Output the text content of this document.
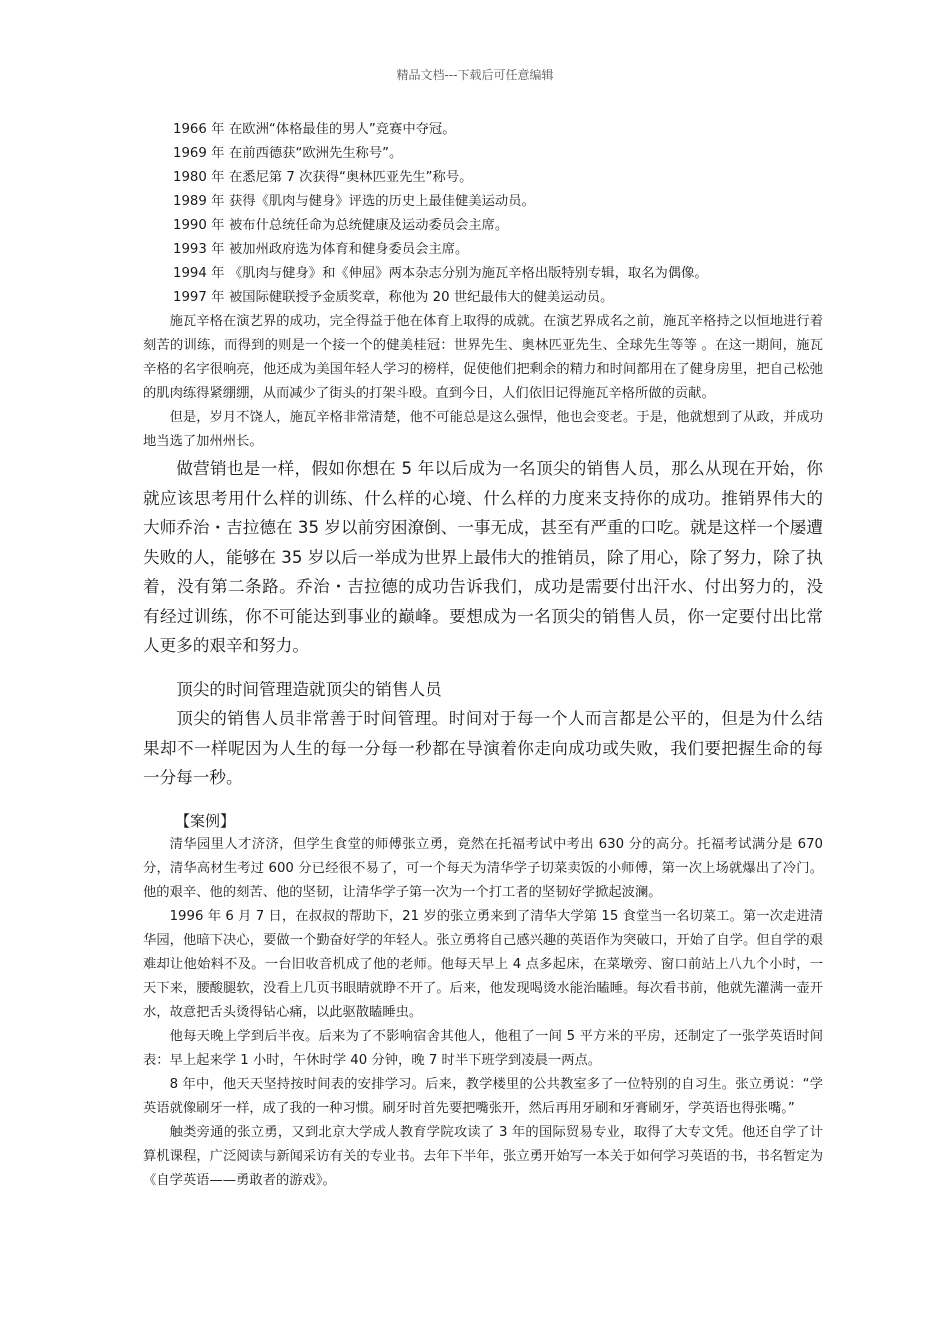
精品文档---下载后可任意编辑

1966 年 在欧洲“体格最佳的男人”竞赛中夺冠。

1969 年 在前西德获“欧洲先生称号”。

1980 年 在悉尼第 7 次获得“奥林匹亚先生”称号。

1989 年 获得《肌肉与健身》评选的历史上最佳健美运动员。

1990 年 被布什总统任命为总统健康及运动委员会主席。

1993 年 被加州政府选为体育和健身委员会主席。

1994 年 《肌肉与健身》和《伸屈》两本杂志分别为施瓦辛格出版特别专辑，取名为偶像。

1997 年 被国际健联授予金质奖章，称他为 20 世纪最伟大的健美运动员。

施瓦辛格在演艺界的成功，完全得益于他在体育上取得的成就。在演艺界成名之前，施瓦辛格持之以恒地进行着刻苦的训练，而得到的则是一个接一个的健美桂冠：世界先生、奥林匹亚先生、全球先生等等 。在这一期间，施瓦辛格的名字很响亮，他还成为美国年轻人学习的榜样，促使他们把剩余的精力和时间都用在了健身房里，把自己松弛的肌肉练得紧绷绷，从而减少了街头的打架斗殴。直到今日，人们依旧记得施瓦辛格所做的贡献。

但是，岁月不饶人，施瓦辛格非常清楚，他不可能总是这么强悍，他也会变老。于是，他就想到了从政，并成功地当选了加州州长。

做营销也是一样，假如你想在 5 年以后成为一名顶尖的销售人员，那么从现在开始，你就应该思考用什么样的训练、什么样的心境、什么样的力度来支持你的成功。推销界伟大的大师乔治・吉拉德在 35 岁以前穷困潦倒、一事无成，甚至有严重的口吃。就是这样一个屡遭失败的人，能够在 35 岁以后一举成为世界上最伟大的推销员，除了用心，除了努力，除了执着，没有第二条路。乔治・吉拉德的成功告诉我们，成功是需要付出汗水、付出努力的，没有经过训练，你不可能达到事业的巅峰。要想成为一名顶尖的销售人员，你一定要付出比常人更多的艰辛和努力。

顶尖的时间管理造就顶尖的销售人员

顶尖的销售人员非常善于时间管理。时间对于每一个人而言都是公平的，但是为什么结果却不一样呢因为人生的每一分每一秒都在导演着你走向成功或失败，我们要把握生命的每一分每一秒。

【案例】

清华园里人才济济，但学生食堂的师傅张立勇，竟然在托福考试中考出 630 分的高分。托福考试满分是 670 分，清华高材生考过 600 分已经很不易了，可一个每天为清华学子切菜卖饭的小师傅，第一次上场就爆出了冷门。他的艰辛、他的刻苦、他的坚韧，让清华学子第一次为一个打工者的坚韧好学掀起波澜。

1996 年 6 月 7 日，在叔叔的帮助下，21 岁的张立勇来到了清华大学第 15 食堂当一名切菜工。第一次走进清华园，他暗下决心，要做一个勤奋好学的年轻人。张立勇将自己感兴趣的英语作为突破口，开始了自学。但自学的艰难却让他始料不及。一台旧收音机成了他的老师。他每天早上 4 点多起床，在菜墩旁、窗口前站上八九个小时，一天下来，腰酸腿软，没看上几页书眼睛就睁不开了。后来，他发现喝烫水能治瞌睡。每次看书前，他就先灌满一壶开水，故意把舌头烫得钻心痛，以此驱散瞌睡虫。

他每天晚上学到后半夜。后来为了不影响宿舍其他人，他租了一间 5 平方米的平房，还制定了一张学英语时间表：早上起来学 1 小时，午休时学 40 分钟，晚 7 时半下班学到凌晨一两点。

8 年中，他天天坚持按时间表的安排学习。后来，教学楼里的公共教室多了一位特别的自习生。张立勇说：“学英语就像刷牙一样，成了我的一种习惯。刷牙时首先要把嘴张开，然后再用牙刷和牙膏刷牙，学英语也得张嘴。”

触类旁通的张立勇，又到北京大学成人教育学院攻读了 3 年的国际贸易专业，取得了大专文凭。他还自学了计算机课程，广泛阅读与新闻采访有关的专业书。去年下半年，张立勇开始写一本关于如何学习英语的书，书名暂定为《自学英语——勇敢者的游戏》。
